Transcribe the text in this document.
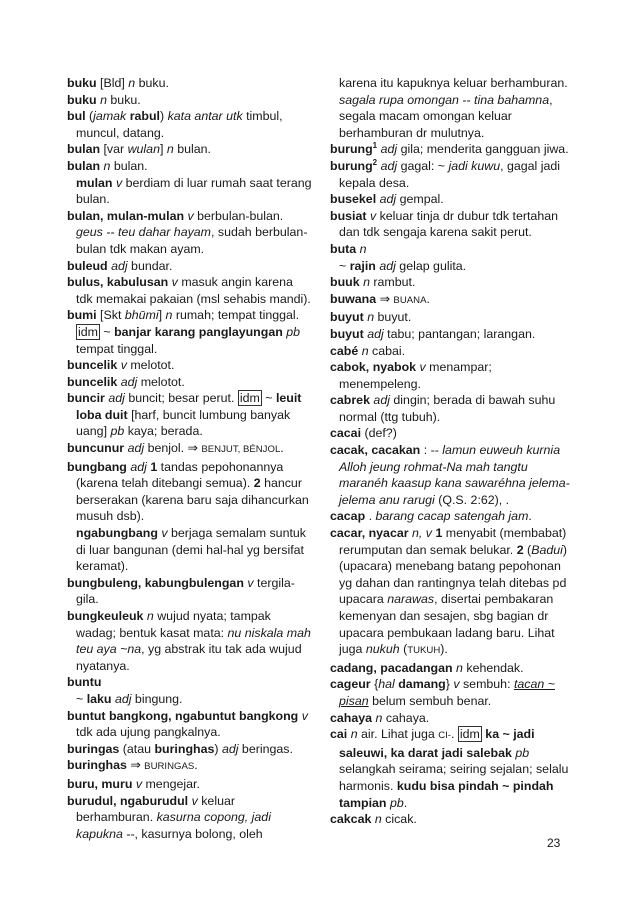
buku [Bld] n buku.

buku n buku.

bul (jamak rabul) kata antar utk timbul, muncul, datang.

bulan [var wulan] n bulan.

bulan n bulan.

mulan v berdiam di luar rumah saat terang bulan.

bulan, mulan-mulan v berbulan-bulan. geus -- teu dahar hayam, sudah berbulan-bulan tdk makan ayam.

buleud adj bundar.

bulus, kabulusan v masuk angin karena tdk memakai pakaian (msl sehabis mandi).

bumi [Skt bhūmi] n rumah; tempat tinggal. idm ~ banjar karang panglayungan pb tempat tinggal.

buncelik v melotot.

buncelik adj melotot.

buncir adj buncit; besar perut. idm ~ leuit loba duit [harf, buncit lumbung banyak uang] pb kaya; berada.

buncunur adj benjol. ⇒ BENJUT, BÉNJOL.

bungbang adj 1 tandas pepohonannya (karena telah ditebangi semua). 2 hancur berserakan (karena baru saja dihancurkan musuh dsb).

ngabungbang v berjaga semalam suntuk di luar bangunan (demi hal-hal yg bersifat keramat).

bungbuleng, kabungbulengan v tergila-gila.

bungkeuleuk n wujud nyata; tampak wadag; bentuk kasat mata: nu niskala mah teu aya ~na, yg abstrak itu tak ada wujud nyatanya.

buntu

~ laku adj bingung.

buntut bangkong, ngabuntut bangkong v tdk ada ujung pangkalnya.

buringas (atau buringhas) adj beringas.

buringhas ⇒ BURINGAS.

buru, muru v mengejar.

burudul, ngaburudul v keluar berhamburan. kasurna copong, jadi kapukna --, kasurnya bolong, oleh

karena itu kapuknya keluar berhamburan. sagala rupa omongan -- tina bahamna, segala macam omongan keluar berhamburan dr mulutnya.

burung$^1$ adj gila; menderita gangguan jiwa.

burung$^2$ adj gagal: ~ jadi kuwu, gagal jadi kepala desa.

busekel adj gempal.

busiat v keluar tinja dr dubur tdk tertahan dan tdk sengaja karena sakit perut.

buta n

~ rajin adj gelap gulita.

buuk n rambut.

buwana ⇒ BUANA.

buyut n buyut.

buyut adj tabu; pantangan; larangan.

cabé n cabai.

cabok, nyabok v menampar; menempeleng.

cabrek adj dingin; berada di bawah suhu normal (ttg tubuh).

cacai (def?)

cacak, cacakan : -- lamun euweuh kurnia Alloh jeung rohmat-Na mah tangtu maranéh kaasup kana sawaréhna jelema-jelema anu rarugi (Q.S. 2:62), .

cacap . barang cacap satengah jam.

cacar, nyacar n, v 1 menyabit (membabat) rerumputan dan semak belukar. 2 (Badui) (upacara) menebang batang pepohonan yg dahan dan rantingnya telah ditebas pd upacara narawas, disertai pembakaran kemenyan dan sesajen, sbg bagian dr upacara pembukaan ladang baru. Lihat juga nukuh (TUKUH).

cadang, pacadangan n kehendak.

cageur {hal damang} v sembuh: tacan ~ pisan belum sembuh benar.

cahaya n cahaya.

cai n air. Lihat juga CI-. idm ka ~ jadi saleuwi, ka darat jadi salebak pb selangkah seirama; seiring sejalan; selalu harmonis. kudu bisa pindah ~ pindah tampian pb.

cakcak n cicak.

23
